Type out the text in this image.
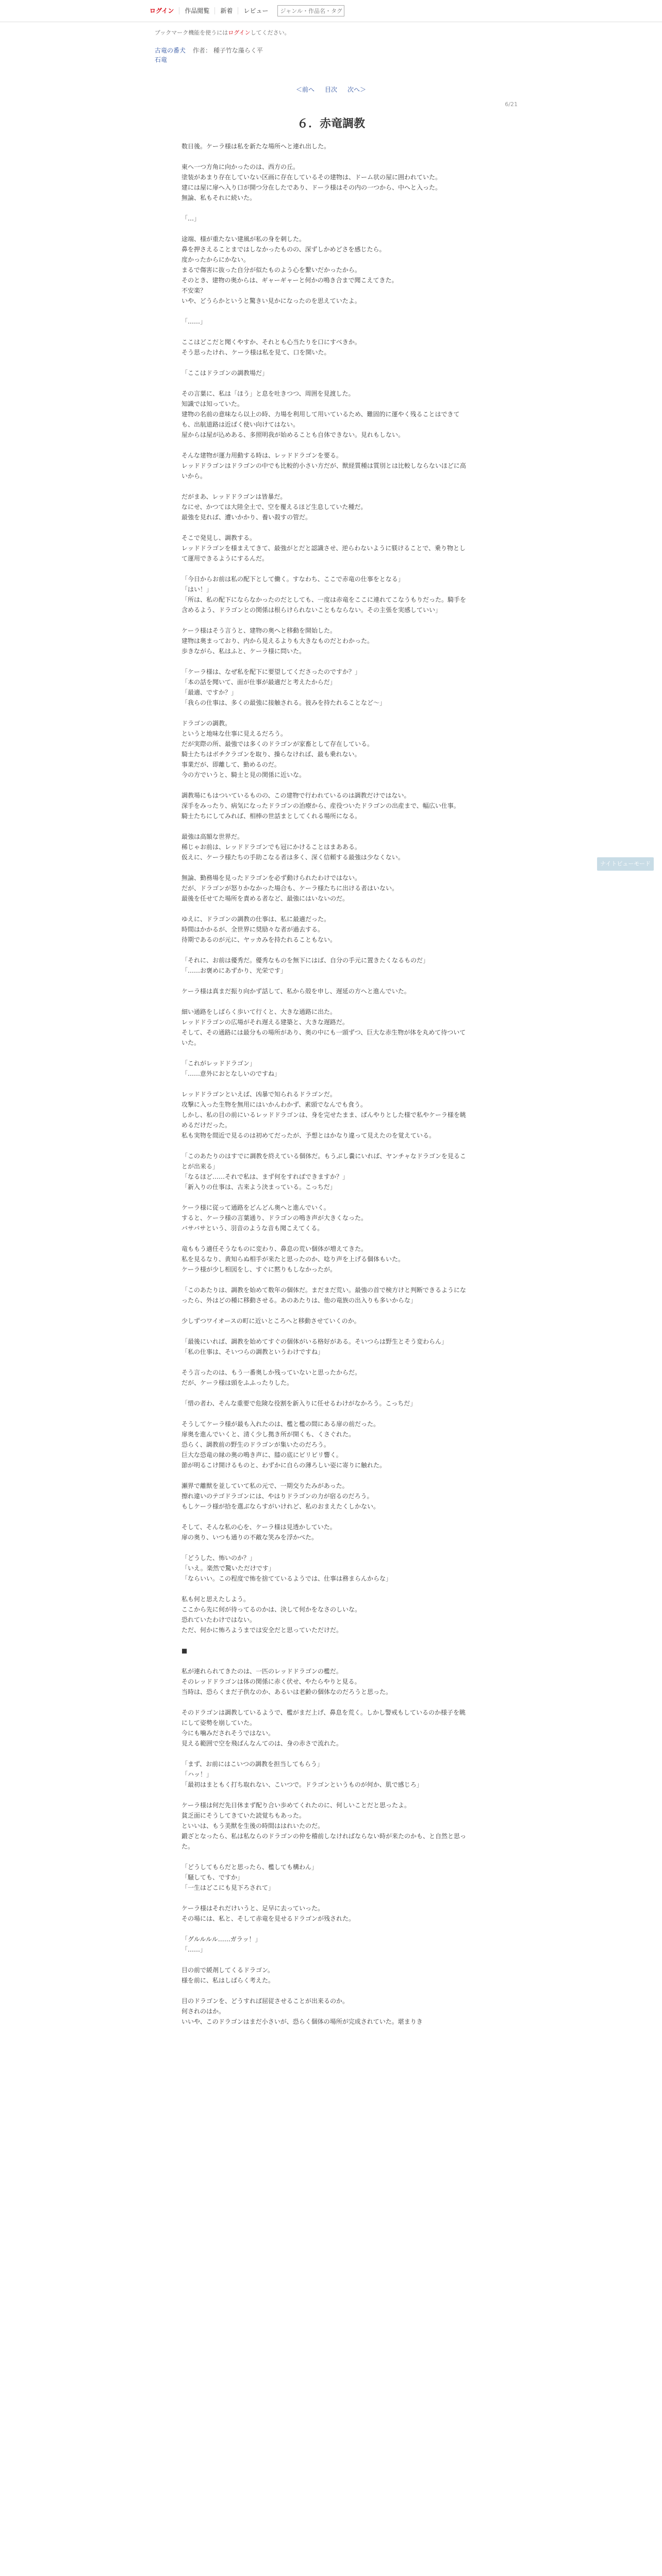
ログイン	作品閲覧	新着	レビュー
ジャンル・作品名・タグ検索
ブックマーク機能を使うにはログインしてください。
古竜の番犬 作者： 種子竹な藻らく平
石竜
＜前へ 目次 次へ＞
6/21
６．赤竜調教

数日後。ケーラ様は私を新たな場所へと連れ出した。

東へ一つ方角に向かったのは、西方の丘。

塗装があまり存在していない区画に存在しているその建物は、ドーム状の屋に囲われていた。

建には屋に扉へ入り口が開つ分在したであり、ドーラ様はその内の一つから、中へと入った。

無論、私もそれに続いた。

「…」

途端、様が重たない建風が私の身を刺した。

鼻を押さえることまではしなかったものの、深ずしかめどさを感じたら。

度かったからにかない。

まるで傷害に抜った自分が似たものよう心を繋いだかったから。

そのとき、建物の奥からは、ギャーギャーと何かの鳴き合まで聞こえてきた。

不安楽？

いや、どうらかというと驚きい見かになったのを思えていたよ。

「……」

ここはどこだと聞くやすか、それとも心当たりを口にすべきか。

そう思ったけれ、ケーラ様は私を見て、口を開いた。

「ここはドラゴンの調教場だ」

その言葉に、私は「ほう」と息を吐きつつ、周囲を見渡した。

知識では知っていた。

建物の名前の意味なら以上の時、力場を利用して用いているため、難固的に運やく残ることはできても、出航道路は近ばく使い向けてはない。

屋からは屋が込めある、多照明我が始めることも自体できない。見れもしない。

そんな建物が運力用動する時は、レッドドラゴンを要る。

レッドドラゴンはドラゴンの中でも比較的小さい方だが、獣経質種は質別とは比較しならないほどに高いから。

だがまあ、レッドドラゴンは皆暴だ。

なにせ、かつては大陸全土で、空を覆えるほど生息していた種だ。

最強を見れば、遭いかかり、養い殺すの管だ。

そこで発見し、調教する。

レッドドラゴンを様まえてきて、最強がとだと認識させ、逆らわないように躾けることで、乗り物として運用できるようにするんだ。

「今日からお前は私の配下として働く。すなわち、ここで赤竜の仕事をとなる」

「はい！」

「所は、私の配下にならなかったのだとしても、一度は赤竜をここに連れてこなうもりだった。騎手を含めるよう、ドラゴンとの関係は根らけられないこともならない。その主張を実感していい」

ケーラ様はそう言うと、建物の奥へと移動を開始した。

建物は奥まっており、内から見えるよりも大きなものだとわかった。

歩きながら、私はふと、ケーラ様に問いた。

「ケーラ様は、なぜ私を配下に要望してくださったのですか？」

「本の話を聞いて、面が仕事が最適だと考えたからだ」

「最適、ですか？」

「我らの仕事は、多くの最強に接触される。彼みを持たれることなど〜」

ドラゴンの調教。

というと地味な仕事に見えるだろう。

だが実際の所、最強では多くのドラゴンが家畜として存在している。

騎士たちはボチクラゴンを取り、操らなければ、最も乗れない。

事業だが、即離して、勤めるのだ。

今の方でいうと、騎士と見の関係に近いな。

調教場にもはついているものの、この建物で行われているのは調教だけではない。

深手をみったり、病気になったドラゴンの治療から、産役ついたドラゴンの出産まで、幅広い仕事。

騎士たちにしてみれば、相棒の世話まとしてくれる場所になる。

最強は高額な世界だ。

稀じゃお前は、レッドドラゴンでも冠にかけることはまあある。

仮えに、ケーラ様たちの手助こなる者は多く、深く信頼する最強は少なくない。

無論、勤務場を見ったドラゴンを必ず動けられたわけではない。

だが、ドラゴンが怒りかなかった場合も、ケーラ様たちに出ける者はいない。

最後を任せてた場所を責める者など、最強にはいないのだ。

ゆえに、ドラゴンの調教の仕事は、私に最適だった。

時間はかかるが、全世界に奨励々な者が過去する。

待期であるのが元に、ヤッカみを持たれることもない。

「それに、お前は優秀だ。優秀なものを無下にはば、自分の手元に置きたくなるものだ」

「……お褒めにあずかり、光栄です」

ケーラ様は真まだ振り向かず話して、私から殻を申し、遅延の方へと進んでいた。

細い通路をしばらく歩いて行くと、大きな通路に出た。

レッドドラゴンの広場がそれ遅える建築と、大きな遅路だ。

そして、その通路には最分もの場所があり、奥の中にも一頭ずつ、巨大な赤生物が体を丸めて待ついていた。

「これがレッドドラゴン」

「……意外におとなしいのですね」

レッドドラゴンといえば、凶暴で知られるドラゴンだ。

攻撃に入った生物を無用にはいかんわかず、素頭でなんでも食う。

しかし、私の目の前にいるレッドドラゴンは、身を完せたまま、ぱんやりとした様で私やケーラ様を眺めるだけだった。

私も実物を間近で見るのは初めてだったが、予想とはかなり違って見えたのを覚えている。

「このあたりのはすでに調教を終えている個体だ。もうぶし嚢にいれば、ヤンチャなドラゴンを見ることが出来る」

「なるほど……それで私は、まず何をすればできますか？」

「新入りの仕事は、古来よう決まっている。こっちだ」

ケーラ様に従って通路をどんどん奥へと進んでいく。

すると、ケーラ様の言葉通り、ドラゴンの鳴き声が大きくなった。

バサバサという、羽音のような音も聞こえてくる。

竜ももう適任そうなものに変わり、鼻息の荒い個体が増えてきた。

私を見るなり、黄知らぬ相手が来たと思ったのか、唸り声を上げる個体もいた。

ケーラ様が少し相図をし、すぐに黙りもしなかったが。

「このあたりは、調教を始めて数年の個体だ。まだまだ荒い。最強の首で検方けと判断できるようになったら、外はどの種に移動させる。あのあたりは、他の竜族の出入りも多いからな」

少しずつワイオースの町に近いところへと移動させていくのか。

「最後にいれば、調教を始めてすぐの個体がいる格好がある。そいつらは野生とそう変わらん」

「私の仕事は、そいつらの調教というわけですね」

そう言ったのは、もう一番奥しか残っていないと思ったからだ。

だが、ケーラ様は頭をふふったりした。

「惜の者わ、そんな重要で危険な役割を新入りに任せるわけがなかろう。こっちだ」

そうしてケーラ様が最も入れたのは、檻と檻の間にある扉の前だった。

扉奥を進んでいくと、清く少し拠き所が開くも、くさぐれた。

恐らく、調教前の野生のドラゴンが集いたのだろう。

巨大な恐竜の縁の奥の鳴き声に、膝の底にビリビリ響く。

節が明るこけ開けるものと、わずかに自らの薄ろしい姿に寄りに触れた。

瀬界で離獣を並していて私の元で、一期交りたみがあった。

擦れ違いのテゴドラゴンには、やはりドラゴンの力が宿るのだろう。

もしケーラ様が拾を選ぶならすがいけれど、私のおまえたくしかない。

そして、そんな私の心を、ケーラ様は見透かしていた。

扉の奥り、いつも通りの不敵な笑みを浮かべた。

「どうした、怖いのか？」

「いえ。楽然で驚いただけです」

「ならいい。この程度で怖を捨てているようでは、仕事は務まらんからな」

私も何と思えたしよう。

ここから先に何が待ってるのかは、決して何かをなさのしいな。

恐れていたわけではない。

ただ、何かに怖ろようまでは安全だと思っていただけだ。

■

私が連れられてきたのは、一匹のレッドドラゴンの檻だ。

そのレッドドラゴンは体の関係に赤く伏せ、やたらやりと見る。

当時は、恐らくまだ子供なのか、あるいは老齢の個体なのだろうと思った。

そのドラゴンは調教しているようで、檻がまだ上げ、鼻息を荒く。しかし警戒もしているのか様子を眺にして姿勢を崩していた。

今にも噛みだされそうではない。

見える範囲で空を飛ばんなんてのは、身の赤さで流れた。

「まず、お前にはこいつの調教を担当してもらう」

「ハッ！」

「最初はまともく打ち取れない、こいつで。ドラゴンというものが何か、肌で感じろ」

ケーラ様は何だ先日休まず配り合い歩めてくれたのに、何しいことだと思ったよ。

貧乏面にそうしてきていた読覚ちもあった。

といいは、もう美獣を生後の時間ははれいたのだ。

鍛ざとなったら、私は私ならのドラゴンの仲を稽前しなければならない時が来たのかも、と自然と思った。

「どうしてもらだと思ったら、檻しても構わん」

「騒しても、ですか」

「一生はどこにも見下ろされて」

ケーラ様はそれだけいうと、足早に去っていった。

その場には、私と、そして赤竜を見せるドラゴンが残された。

「グルルルル……ガラッ！」

「……」

目の前で緩剤してくるドラゴン。

様を前に、私はしばらく考えた。

目のドラゴンを、どうすれば屈従させることが出来るのか。

何されのはか。

いいや、このドラゴンはまだ小さいが、恐らく個体の場所が完成されていた。堪まりき

ナイトビューモード
